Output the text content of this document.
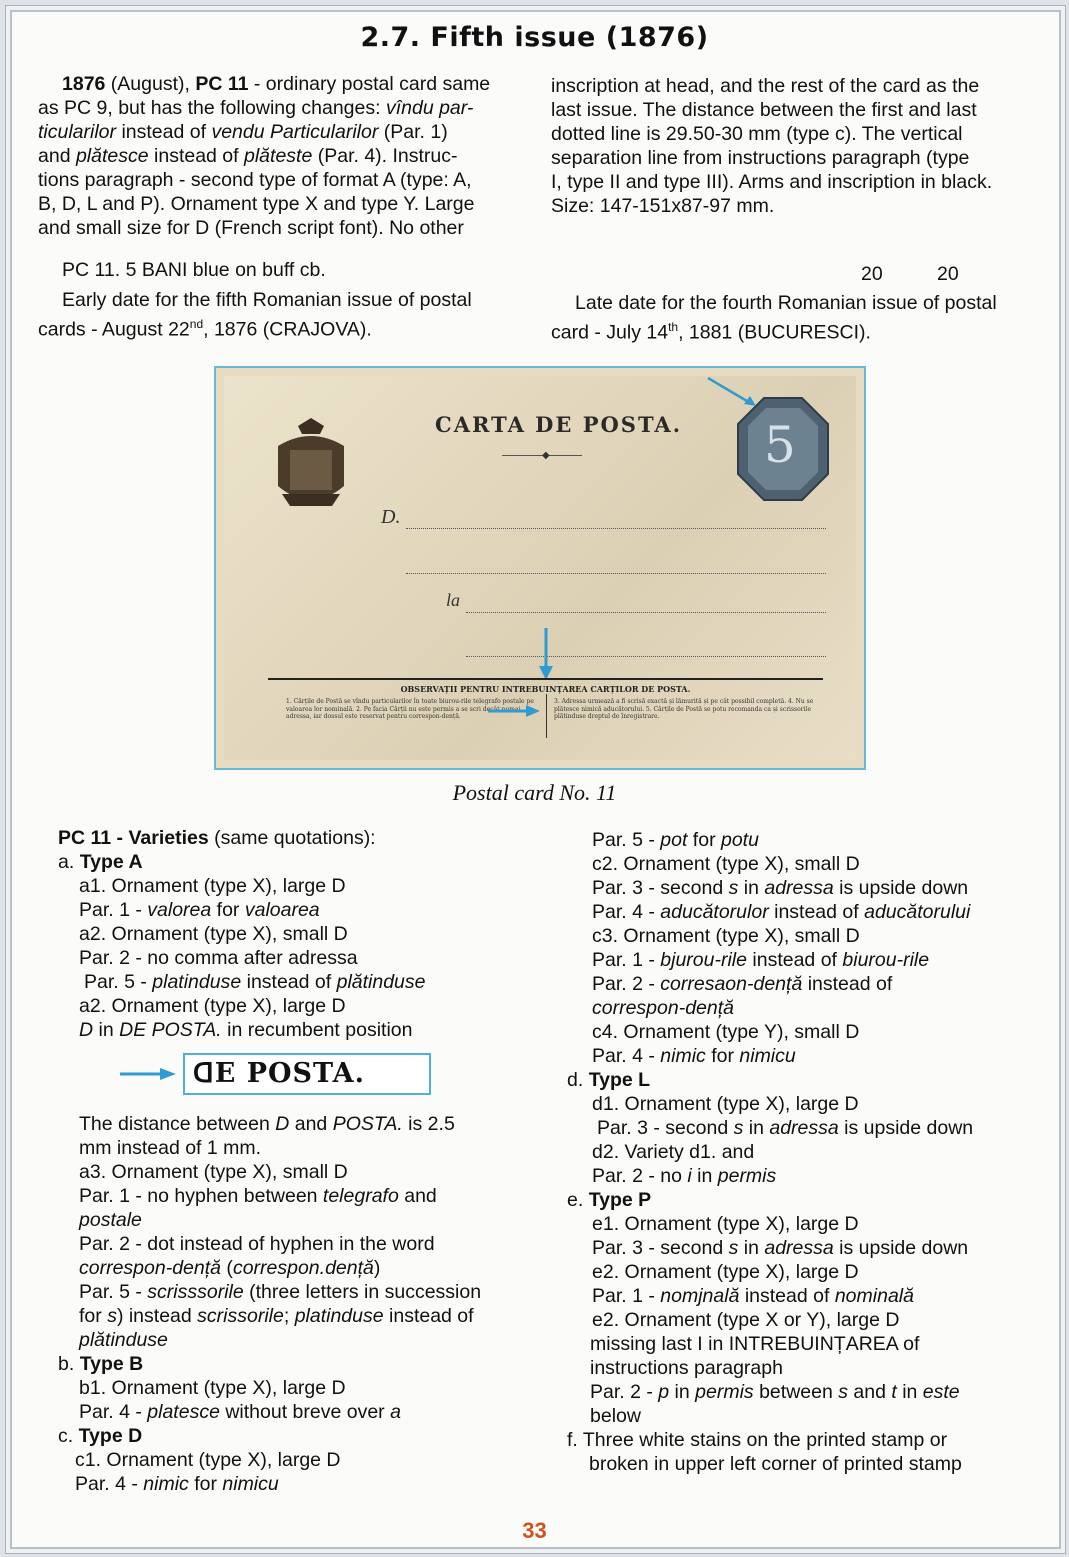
2.7. Fifth issue (1876)
1876 (August), PC 11 - ordinary postal card same
as PC 9, but has the following changes: vîndu par-
ticularilor instead of vendu Particularilor (Par. 1)
and plătesce instead of plăteste (Par. 4). Instruc-
tions paragraph - second type of format A (type: A,
B, D, L and P). Ornament type X and type Y. Large
and small size for D (French script font). No other
inscription at head, and the rest of the card as the
last issue. The distance between the first and last
dotted line is 29.50-30 mm (type c). The vertical
separation line from instructions paragraph (type
I, type II and type III). Arms and inscription in black.
Size: 147-151x87-97 mm.
PC 11. 5 BANI blue on buff cb.	20	20
Early date for the fifth Romanian issue of postal
cards - August 22nd, 1876 (CRAJOVA).
Late date for the fourth Romanian issue of postal
card - July 14th, 1881 (BUCURESCI).
CARTA DE POSTA.
◆	5
D.
la
OBSERVAȚII PENTRU INTREBUINȚAREA CARȚILOR DE POSTA.
1. Cărțile de Postă se vîndu particularilor în toate biurou-rile telegrafo postale pe valoarea lor nominală. 2. Pe facia Cărții nu este permis a se scri decât numai adressa, iar dossul este reservat pentru correspon-dență.
3. Adressa urmează a fi scrisă exactă și lămurită și pe cât possibil completă. 4. Nu se plătesce nimică aducătorului. 5. Cărțile de Postă se potu recomanda ca și scrissorile plătinduse dreptul de înregistrare.
Postal card No. 11
PC 11 - Varieties (same quotations):
a. Type A
a1. Ornament (type X), large D
Par. 1 - valorea for valoarea
a2. Ornament (type X), small D
Par. 2 - no comma after adressa
Par. 5 - platinduse instead of plătinduse
a2. Ornament (type X), large D
D in DE POSTA. in recumbent position
ᗡE POSTA.
The distance between D and POSTA. is 2.5
mm instead of 1 mm.
a3. Ornament (type X), small D
Par. 1 - no hyphen between telegrafo and
postale
Par. 2 - dot instead of hyphen in the word
correspon-dență (correspon.dență)
Par. 5 - scrisssorile (three letters in succession
for s) instead scrissorile; platinduse instead of
plătinduse
b. Type B
b1. Ornament (type X), large D
Par. 4 - platesce without breve over a
c. Type D
c1. Ornament (type X), large D
Par. 4 - nimic for nimicu
Par. 5 - pot for potu
c2. Ornament (type X), small D
Par. 3 - second s in adressa is upside down
Par. 4 - aducătorulor instead of aducătorului
c3. Ornament (type X), small D
Par. 1 - bjurou-rile instead of biurou-rile
Par. 2 - corresaon-dență instead of
correspon-dență
c4. Ornament (type Y), small D
Par. 4 - nimic for nimicu
d. Type L
d1. Ornament (type X), large D
Par. 3 - second s in adressa is upside down
d2. Variety d1. and
Par. 2 - no i in permis
e. Type P
e1. Ornament (type X), large D
Par. 3 - second s in adressa is upside down
e2. Ornament (type X), large D
Par. 1 - nomjnală instead of nominală
e2. Ornament (type X or Y), large D
missing last I in INTREBUINȚAREA of
instructions paragraph
Par. 2 - p in permis between s and t in este
below
f. Three white stains on the printed stamp or
broken in upper left corner of printed stamp
33
